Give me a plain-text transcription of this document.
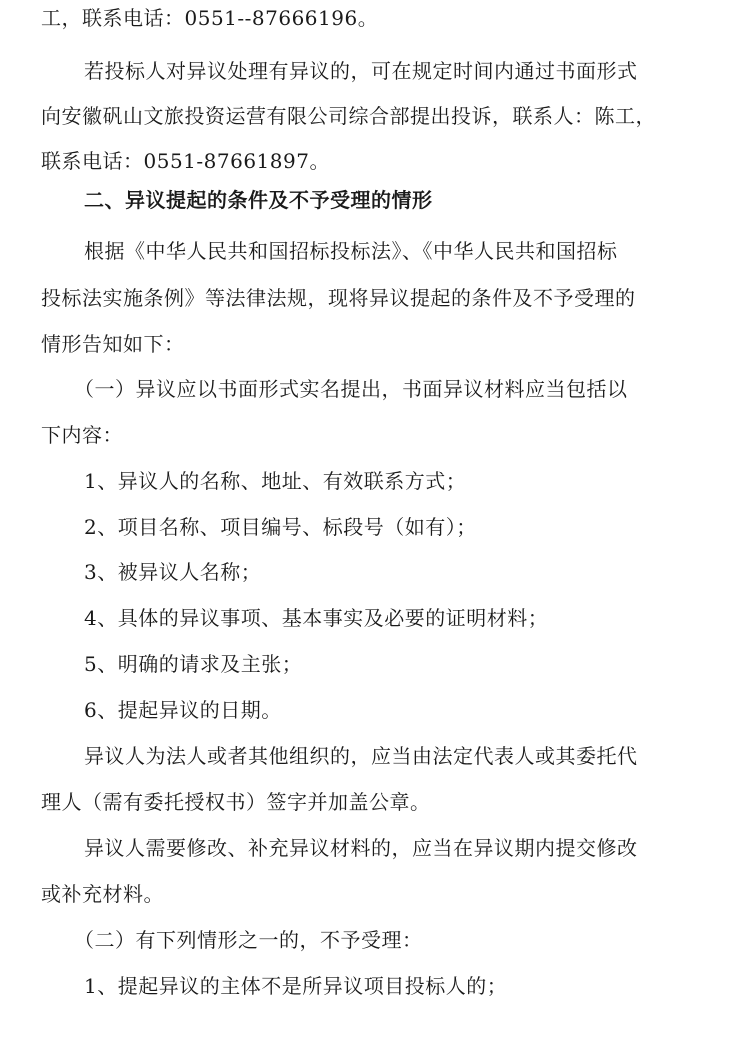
工，联系电话：0551--87666196。
若投标人对异议处理有异议的，可在规定时间内通过书面形式
向安徽矾山文旅投资运营有限公司综合部提出投诉，联系人：陈工，
联系电话：0551-87661897。
二、异议提起的条件及不予受理的情形
根据《中华人民共和国招标投标法》、《中华人民共和国招标
投标法实施条例》等法律法规，现将异议提起的条件及不予受理的
情形告知如下：
（一）异议应以书面形式实名提出，书面异议材料应当包括以
下内容：
1、异议人的名称、地址、有效联系方式；
2、项目名称、项目编号、标段号（如有）；
3、被异议人名称；
4、具体的异议事项、基本事实及必要的证明材料；
5、明确的请求及主张；
6、提起异议的日期。
异议人为法人或者其他组织的，应当由法定代表人或其委托代
理人（需有委托授权书）签字并加盖公章。
异议人需要修改、补充异议材料的，应当在异议期内提交修改
或补充材料。
（二）有下列情形之一的，不予受理：
1、提起异议的主体不是所异议项目投标人的；
